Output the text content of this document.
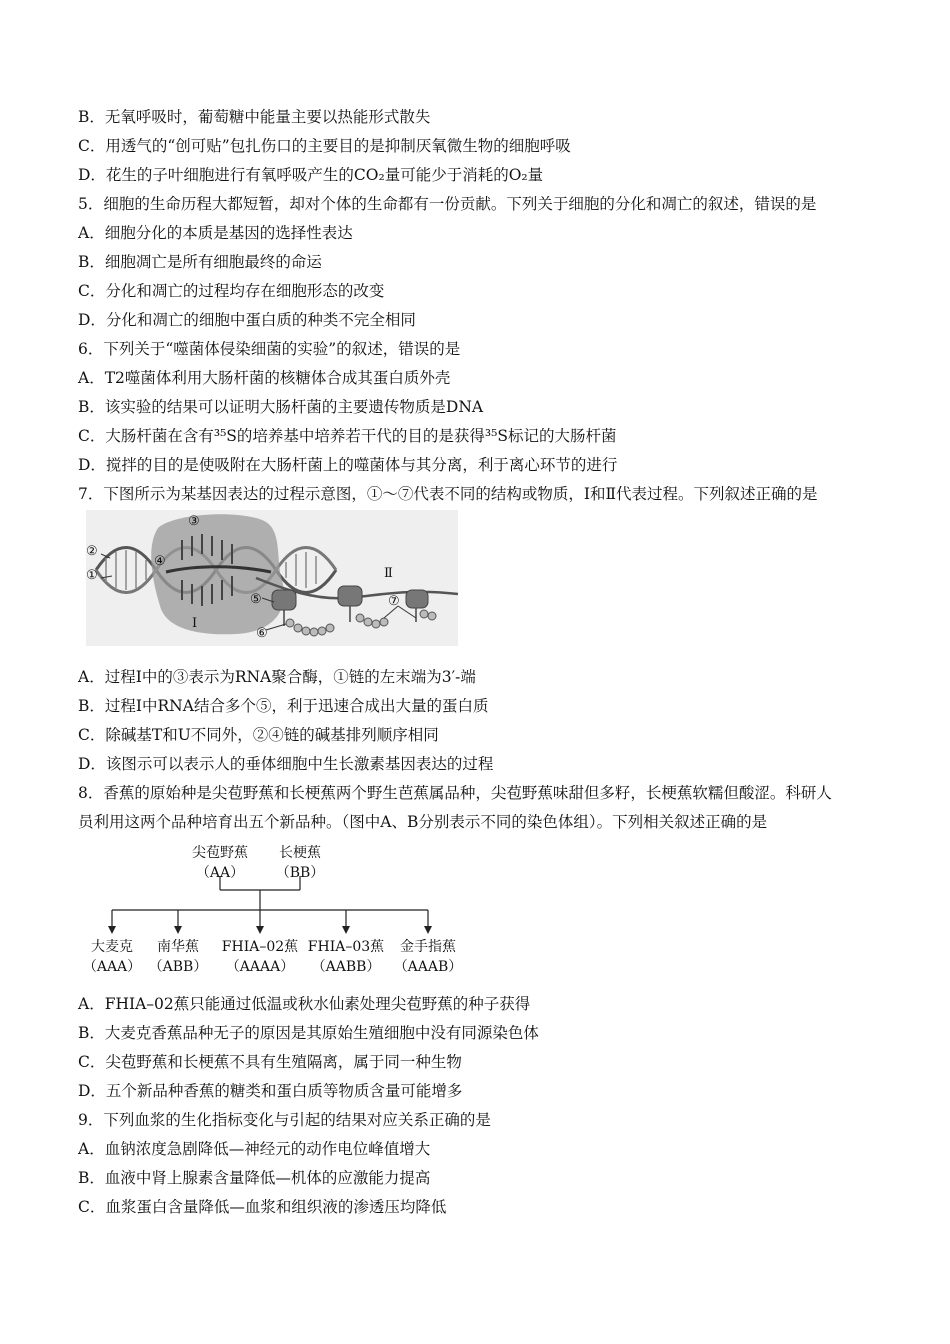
B．无氧呼吸时，葡萄糖中能量主要以热能形式散失
C．用透气的“创可贴”包扎伤口的主要目的是抑制厌氧微生物的细胞呼吸
D．花生的子叶细胞进行有氧呼吸产生的CO₂量可能少于消耗的O₂量
5．细胞的生命历程大都短暂，却对个体的生命都有一份贡献。下列关于细胞的分化和凋亡的叙述，错误的是
A．细胞分化的本质是基因的选择性表达
B．细胞凋亡是所有细胞最终的命运
C．分化和凋亡的过程均存在细胞形态的改变
D．分化和凋亡的细胞中蛋白质的种类不完全相同
6．下列关于“噬菌体侵染细菌的实验”的叙述，错误的是
A．T2噬菌体利用大肠杆菌的核糖体合成其蛋白质外壳
B．该实验的结果可以证明大肠杆菌的主要遗传物质是DNA
C．大肠杆菌在含有³⁵S的培养基中培养若干代的目的是获得³⁵S标记的大肠杆菌
D．搅拌的目的是使吸附在大肠杆菌上的噬菌体与其分离，利于离心环节的进行
7．下图所示为某基因表达的过程示意图，①～⑦代表不同的结构或物质，Ⅰ和Ⅱ代表过程。下列叙述正确的是
②
①
③
④
⑤
⑥
⑦
Ⅰ
Ⅱ
A．过程Ⅰ中的③表示为RNA聚合酶，①链的左末端为3′-端
B．过程Ⅰ中RNA结合多个⑤，利于迅速合成出大量的蛋白质
C．除碱基T和U不同外，②④链的碱基排列顺序相同
D．该图示可以表示人的垂体细胞中生长激素基因表达的过程
8．香蕉的原始种是尖苞野蕉和长梗蕉两个野生芭蕉属品种，尖苞野蕉味甜但多籽，长梗蕉软糯但酸涩。科研人
员利用这两个品种培育出五个新品种。（图中A、B分别表示不同的染色体组）。下列相关叙述正确的是
尖苞野蕉
（AA）
长梗蕉
（BB）
大麦克
（AAA）
南华蕉
（ABB）
FHIA–02蕉
（AAAA）
FHIA–03蕉
（AABB）
金手指蕉
（AAAB）
A．FHIA–02蕉只能通过低温或秋水仙素处理尖苞野蕉的种子获得
B．大麦克香蕉品种无子的原因是其原始生殖细胞中没有同源染色体
C．尖苞野蕉和长梗蕉不具有生殖隔离，属于同一种生物
D．五个新品种香蕉的糖类和蛋白质等物质含量可能增多
9．下列血浆的生化指标变化与引起的结果对应关系正确的是
A．血钠浓度急剧降低—神经元的动作电位峰值增大
B．血液中肾上腺素含量降低—机体的应激能力提高
C．血浆蛋白含量降低—血浆和组织液的渗透压均降低
